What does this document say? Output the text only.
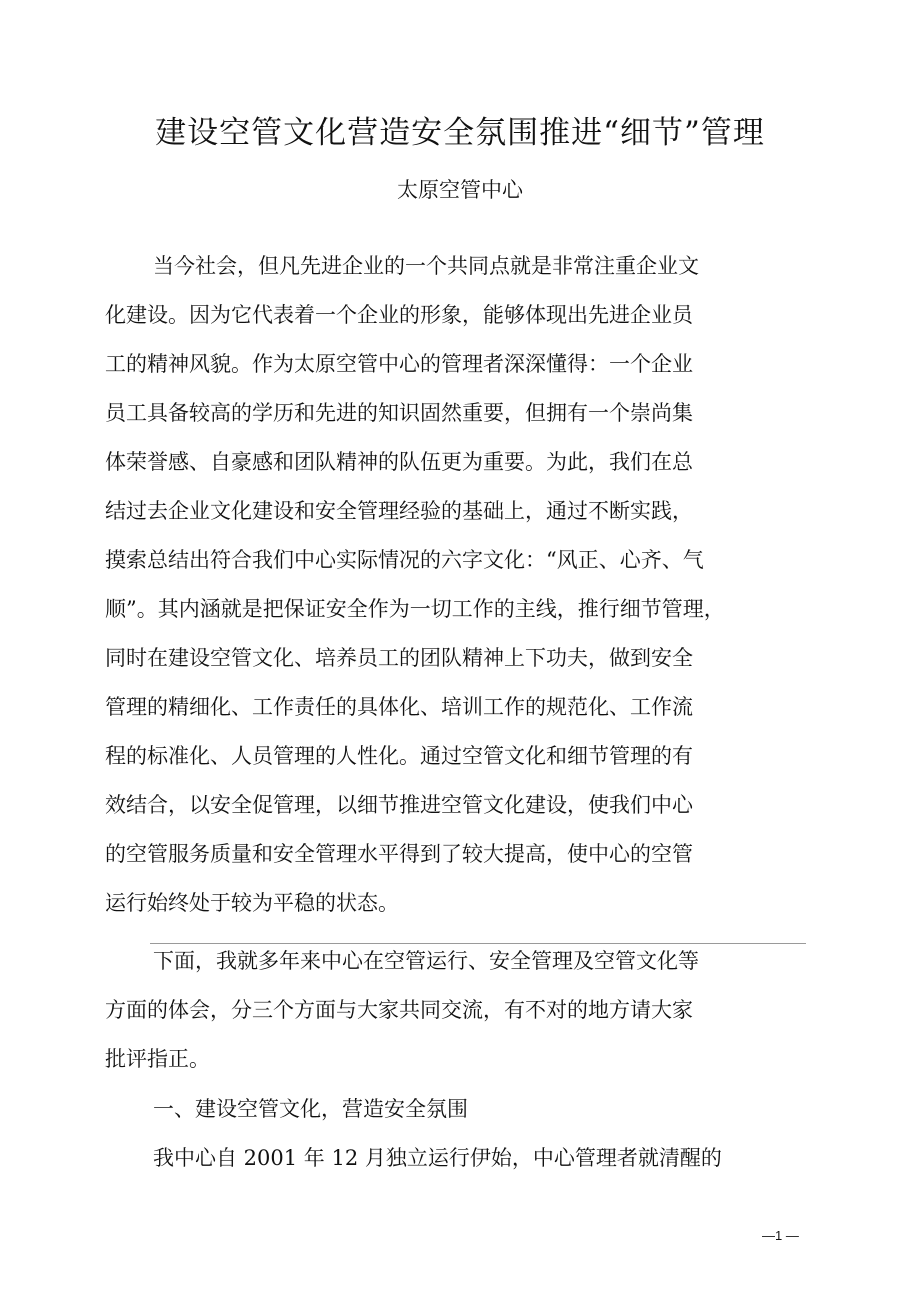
建设空管文化营造安全氛围推进“细节”管理
太原空管中心
当今社会，但凡先进企业的一个共同点就是非常注重企业文
化建设。因为它代表着一个企业的形象，能够体现出先进企业员
工的精神风貌。作为太原空管中心的管理者深深懂得：一个企业
员工具备较高的学历和先进的知识固然重要，但拥有一个崇尚集
体荣誉感、自豪感和团队精神的队伍更为重要。为此，我们在总
结过去企业文化建设和安全管理经验的基础上，通过不断实践，
摸索总结出符合我们中心实际情况的六字文化：“风正、心齐、气
顺”。其内涵就是把保证安全作为一切工作的主线，推行细节管理，
同时在建设空管文化、培养员工的团队精神上下功夫，做到安全
管理的精细化、工作责任的具体化、培训工作的规范化、工作流
程的标准化、人员管理的人性化。通过空管文化和细节管理的有
效结合，以安全促管理，以细节推进空管文化建设，使我们中心
的空管服务质量和安全管理水平得到了较大提高，使中心的空管
运行始终处于较为平稳的状态。
下面，我就多年来中心在空管运行、安全管理及空管文化等
方面的体会，分三个方面与大家共同交流，有不对的地方请大家
批评指正。
一、建设空管文化，营造安全氛围
我中心自 2001 年 12 月独立运行伊始，中心管理者就清醒的
—1 —
